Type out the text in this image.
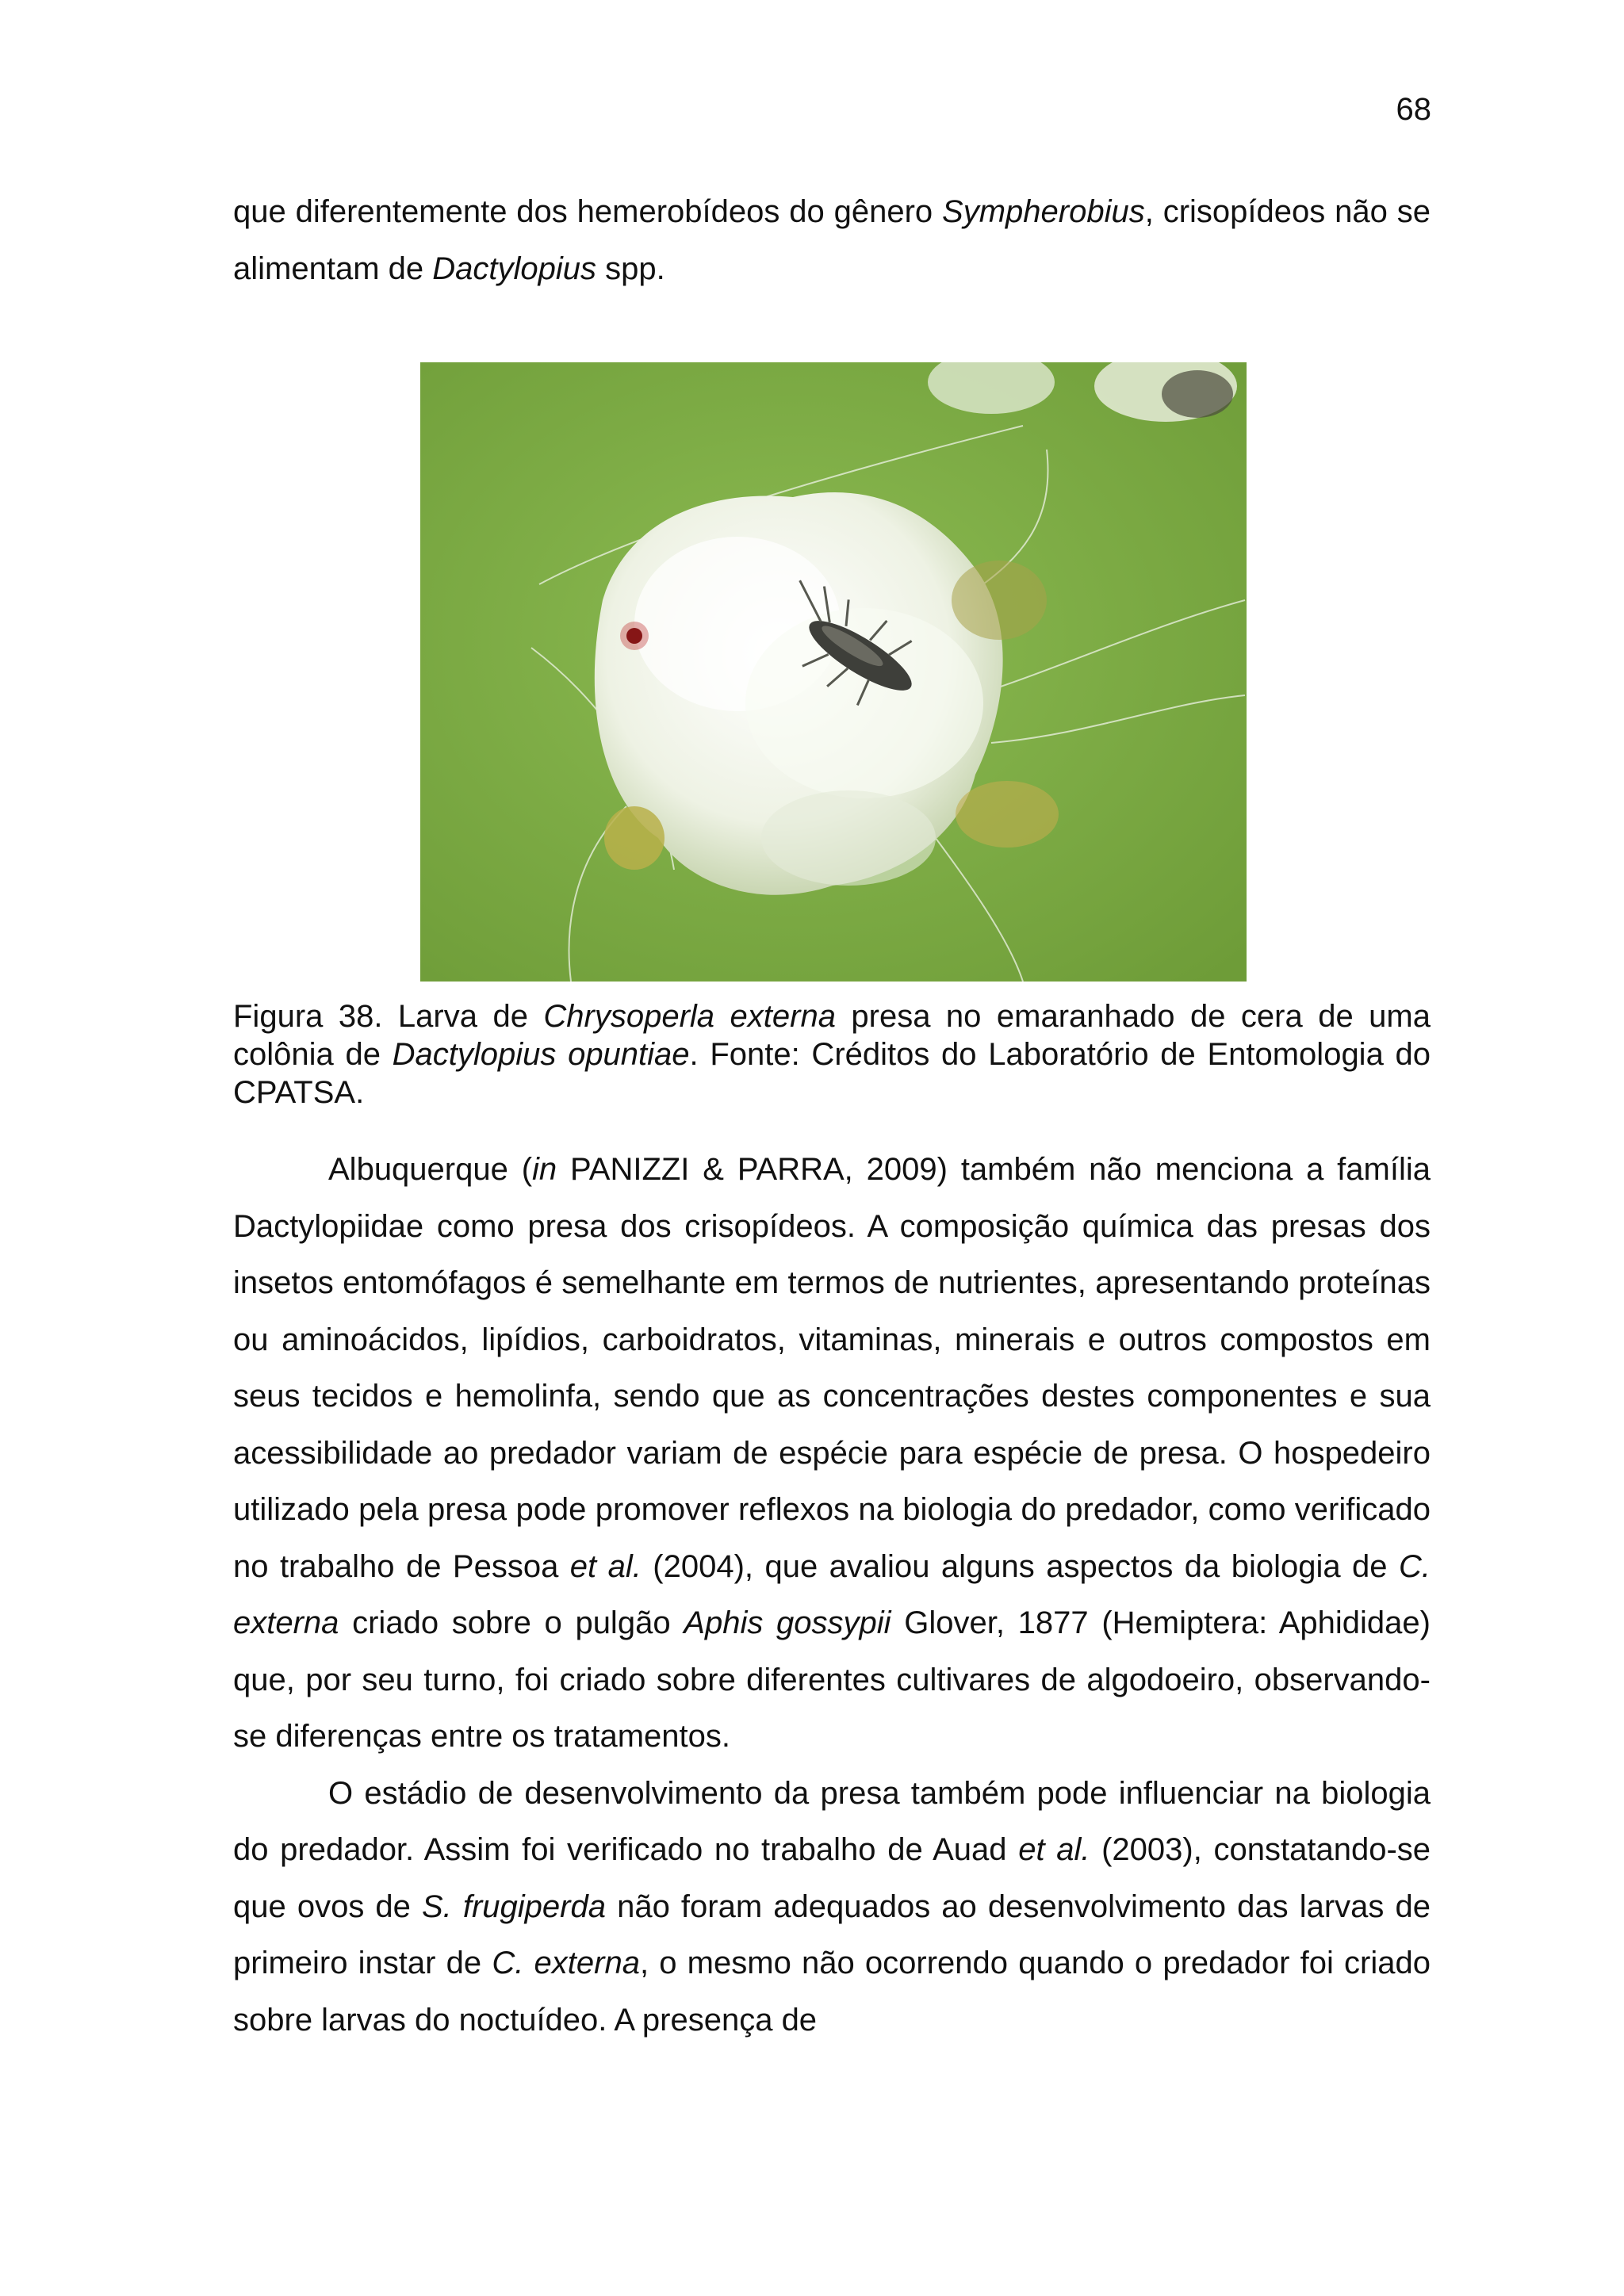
68

que diferentemente dos hemerobídeos do gênero Sympherobius, crisopídeos não se alimentam de Dactylopius spp.

Figura 38. Larva de Chrysoperla externa presa no emaranhado de cera de uma colônia de Dactylopius opuntiae. Fonte: Créditos do Laboratório de Entomologia do CPATSA.

Albuquerque (in PANIZZI & PARRA, 2009) também não menciona a família Dactylopiidae como presa dos crisopídeos. A composição química das presas dos insetos entomófagos é semelhante em termos de nutrientes, apresentando proteínas ou aminoácidos, lipídios, carboidratos, vitaminas, minerais e outros compostos em seus tecidos e hemolinfa, sendo que as concentrações destes componentes e sua acessibilidade ao predador variam de espécie para espécie de presa. O hospedeiro utilizado pela presa pode promover reflexos na biologia do predador, como verificado no trabalho de Pessoa et al. (2004), que avaliou alguns aspectos da biologia de C. externa criado sobre o pulgão Aphis gossypii Glover, 1877 (Hemiptera: Aphididae) que, por seu turno, foi criado sobre diferentes cultivares de algodoeiro, observando-se diferenças entre os tratamentos.

O estádio de desenvolvimento da presa também pode influenciar na biologia do predador. Assim foi verificado no trabalho de Auad et al. (2003), constatando-se que ovos de S. frugiperda não foram adequados ao desenvolvimento das larvas de primeiro instar de C. externa, o mesmo não ocorrendo quando o predador foi criado sobre larvas do noctuídeo. A presença de
